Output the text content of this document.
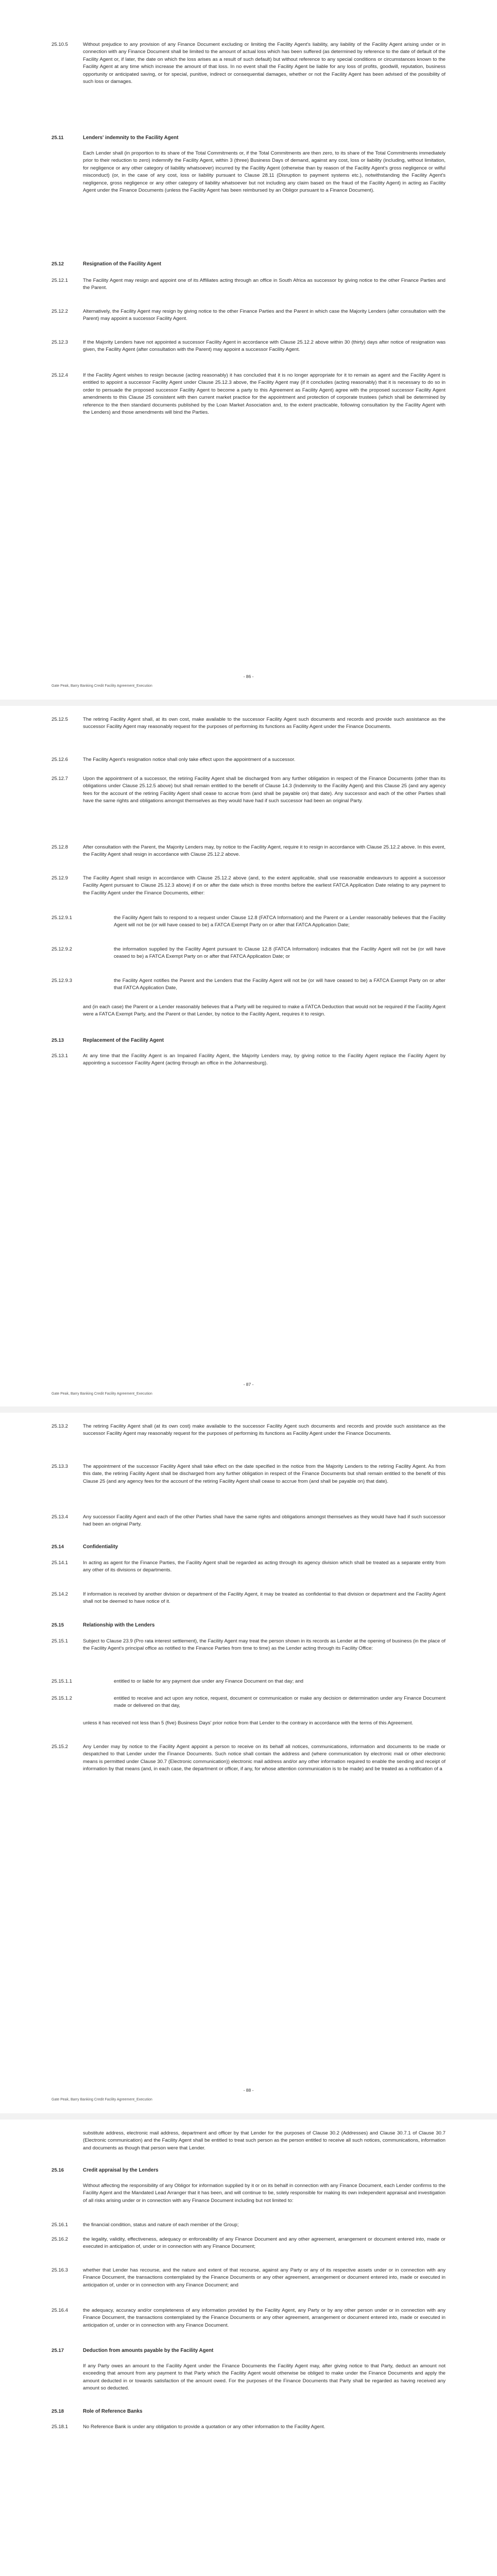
25.10.5	Without prejudice to any provision of any Finance Document excluding or limiting the Facility Agent's liability, any liability of the Facility Agent arising under or in connection with any Finance Document shall be limited to the amount of actual loss which has been suffered (as determined by reference to the date of default of the Facility Agent or, if later, the date on which the loss arises as a result of such default) but without reference to any special conditions or circumstances known to the Facility Agent at any time which increase the amount of that loss. In no event shall the Facility Agent be liable for any loss of profits, goodwill, reputation, business opportunity or anticipated saving, or for special, punitive, indirect or consequential damages, whether or not the Facility Agent has been advised of the possibility of such loss or damages.
25.11	Lenders' indemnity to the Facility Agent
Each Lender shall (in proportion to its share of the Total Commitments or, if the Total Commitments are then zero, to its share of the Total Commitments immediately prior to their reduction to zero) indemnify the Facility Agent, within 3 (three) Business Days of demand, against any cost, loss or liability (including, without limitation, for negligence or any other category of liability whatsoever) incurred by the Facility Agent (otherwise than by reason of the Facility Agent's gross negligence or wilful misconduct) (or, in the case of any cost, loss or liability pursuant to Clause 28.11 (Disruption to payment systems etc.), notwithstanding the Facility Agent's negligence, gross negligence or any other category of liability whatsoever but not including any claim based on the fraud of the Facility Agent) in acting as Facility Agent under the Finance Documents (unless the Facility Agent has been reimbursed by an Obligor pursuant to a Finance Document).
25.12	Resignation of the Facility Agent
25.12.1	The Facility Agent may resign and appoint one of its Affiliates acting through an office in South Africa as successor by giving notice to the other Finance Parties and the Parent.
25.12.2	Alternatively, the Facility Agent may resign by giving notice to the other Finance Parties and the Parent in which case the Majority Lenders (after consultation with the Parent) may appoint a successor Facility Agent.
25.12.3	If the Majority Lenders have not appointed a successor Facility Agent in accordance with Clause 25.12.2 above within 30 (thirty) days after notice of resignation was given, the Facility Agent (after consultation with the Parent) may appoint a successor Facility Agent.
25.12.4	If the Facility Agent wishes to resign because (acting reasonably) it has concluded that it is no longer appropriate for it to remain as agent and the Facility Agent is entitled to appoint a successor Facility Agent under Clause 25.12.3 above, the Facility Agent may (if it concludes (acting reasonably) that it is necessary to do so in order to persuade the proposed successor Facility Agent to become a party to this Agreement as Facility Agent) agree with the proposed successor Facility Agent amendments to this Clause 25 consistent with then current market practice for the appointment and protection of corporate trustees (which shall be determined by reference to the then standard documents published by the Loan Market Association and, to the extent practicable, following consultation by the Facility Agent with the Lenders) and those amendments will bind the Parties.
- 86 -
Gate Peak, Barry Banking Credit Facility Agreement_Execution
25.12.5	The retiring Facility Agent shall, at its own cost, make available to the successor Facility Agent such documents and records and provide such assistance as the successor Facility Agent may reasonably request for the purposes of performing its functions as Facility Agent under the Finance Documents.
25.12.6	The Facility Agent's resignation notice shall only take effect upon the appointment of a successor.
25.12.7	Upon the appointment of a successor, the retiring Facility Agent shall be discharged from any further obligation in respect of the Finance Documents (other than its obligations under Clause 25.12.5 above) but shall remain entitled to the benefit of Clause 14.3 (Indemnity to the Facility Agent) and this Clause 25 (and any agency fees for the account of the retiring Facility Agent shall cease to accrue from (and shall be payable on) that date). Any successor and each of the other Parties shall have the same rights and obligations amongst themselves as they would have had if such successor had been an original Party.
25.12.8	After consultation with the Parent, the Majority Lenders may, by notice to the Facility Agent, require it to resign in accordance with Clause 25.12.2 above. In this event, the Facility Agent shall resign in accordance with Clause 25.12.2 above.
25.12.9	The Facility Agent shall resign in accordance with Clause 25.12.2 above (and, to the extent applicable, shall use reasonable endeavours to appoint a successor Facility Agent pursuant to Clause 25.12.3 above) if on or after the date which is three months before the earliest FATCA Application Date relating to any payment to the Facility Agent under the Finance Documents, either:
25.12.9.1	the Facility Agent fails to respond to a request under Clause 12.8 (FATCA Information) and the Parent or a Lender reasonably believes that the Facility Agent will not be (or will have ceased to be) a FATCA Exempt Party on or after that FATCA Application Date;
25.12.9.2	the information supplied by the Facility Agent pursuant to Clause 12.8 (FATCA Information) indicates that the Facility Agent will not be (or will have ceased to be) a FATCA Exempt Party on or after that FATCA Application Date; or
25.12.9.3	the Facility Agent notifies the Parent and the Lenders that the Facility Agent will not be (or will have ceased to be) a FATCA Exempt Party on or after that FATCA Application Date,
and (in each case) the Parent or a Lender reasonably believes that a Party will be required to make a FATCA Deduction that would not be required if the Facility Agent were a FATCA Exempt Party, and the Parent or that Lender, by notice to the Facility Agent, requires it to resign.
25.13	Replacement of the Facility Agent
25.13.1	At any time that the Facility Agent is an Impaired Facility Agent, the Majority Lenders may, by giving notice to the Facility Agent replace the Facility Agent by appointing a successor Facility Agent (acting through an office in the Johannesburg).
- 87 -
Gate Peak, Barry Banking Credit Facility Agreement_Execution
25.13.2	The retiring Facility Agent shall (at its own cost) make available to the successor Facility Agent such documents and records and provide such assistance as the successor Facility Agent may reasonably request for the purposes of performing its functions as Facility Agent under the Finance Documents.
25.13.3	The appointment of the successor Facility Agent shall take effect on the date specified in the notice from the Majority Lenders to the retiring Facility Agent. As from this date, the retiring Facility Agent shall be discharged from any further obligation in respect of the Finance Documents but shall remain entitled to the benefit of this Clause 25 (and any agency fees for the account of the retiring Facility Agent shall cease to accrue from (and shall be payable on) that date).
25.13.4	Any successor Facility Agent and each of the other Parties shall have the same rights and obligations amongst themselves as they would have had if such successor had been an original Party.
25.14	Confidentiality
25.14.1	In acting as agent for the Finance Parties, the Facility Agent shall be regarded as acting through its agency division which shall be treated as a separate entity from any other of its divisions or departments.
25.14.2	If information is received by another division or department of the Facility Agent, it may be treated as confidential to that division or department and the Facility Agent shall not be deemed to have notice of it.
25.15	Relationship with the Lenders
25.15.1	Subject to Clause 23.9 (Pro rata interest settlement), the Facility Agent may treat the person shown in its records as Lender at the opening of business (in the place of the Facility Agent's principal office as notified to the Finance Parties from time to time) as the Lender acting through its Facility Office:
25.15.1.1	entitled to or liable for any payment due under any Finance Document on that day; and
25.15.1.2	entitled to receive and act upon any notice, request, document or communication or make any decision or determination under any Finance Document made or delivered on that day,
unless it has received not less than 5 (five) Business Days' prior notice from that Lender to the contrary in accordance with the terms of this Agreement.
25.15.2	Any Lender may by notice to the Facility Agent appoint a person to receive on its behalf all notices, communications, information and documents to be made or despatched to that Lender under the Finance Documents. Such notice shall contain the address and (where communication by electronic mail or other electronic means is permitted under Clause 30.7 (Electronic communication)) electronic mail address and/or any other information required to enable the sending and receipt of information by that means (and, in each case, the department or officer, if any, for whose attention communication is to be made) and be treated as a notification of a
- 88 -
Gate Peak, Barry Banking Credit Facility Agreement_Execution
substitute address, electronic mail address, department and officer by that Lender for the purposes of Clause 30.2 (Addresses) and Clause 30.7.1 of Clause 30.7 (Electronic communication) and the Facility Agent shall be entitled to treat such person as the person entitled to receive all such notices, communications, information and documents as though that person were that Lender.
25.16	Credit appraisal by the Lenders
Without affecting the responsibility of any Obligor for information supplied by it or on its behalf in connection with any Finance Document, each Lender confirms to the Facility Agent and the Mandated Lead Arranger that it has been, and will continue to be, solely responsible for making its own independent appraisal and investigation of all risks arising under or in connection with any Finance Document including but not limited to:
25.16.1	the financial condition, status and nature of each member of the Group;
25.16.2	the legality, validity, effectiveness, adequacy or enforceability of any Finance Document and any other agreement, arrangement or document entered into, made or executed in anticipation of, under or in connection with any Finance Document;
25.16.3	whether that Lender has recourse, and the nature and extent of that recourse, against any Party or any of its respective assets under or in connection with any Finance Document, the transactions contemplated by the Finance Documents or any other agreement, arrangement or document entered into, made or executed in anticipation of, under or in connection with any Finance Document; and
25.16.4	the adequacy, accuracy and/or completeness of any information provided by the Facility Agent, any Party or by any other person under or in connection with any Finance Document, the transactions contemplated by the Finance Documents or any other agreement, arrangement or document entered into, made or executed in anticipation of, under or in connection with any Finance Document.
25.17	Deduction from amounts payable by the Facility Agent
If any Party owes an amount to the Facility Agent under the Finance Documents the Facility Agent may, after giving notice to that Party, deduct an amount not exceeding that amount from any payment to that Party which the Facility Agent would otherwise be obliged to make under the Finance Documents and apply the amount deducted in or towards satisfaction of the amount owed. For the purposes of the Finance Documents that Party shall be regarded as having received any amount so deducted.
25.18	Role of Reference Banks
25.18.1	No Reference Bank is under any obligation to provide a quotation or any other information to the Facility Agent.
